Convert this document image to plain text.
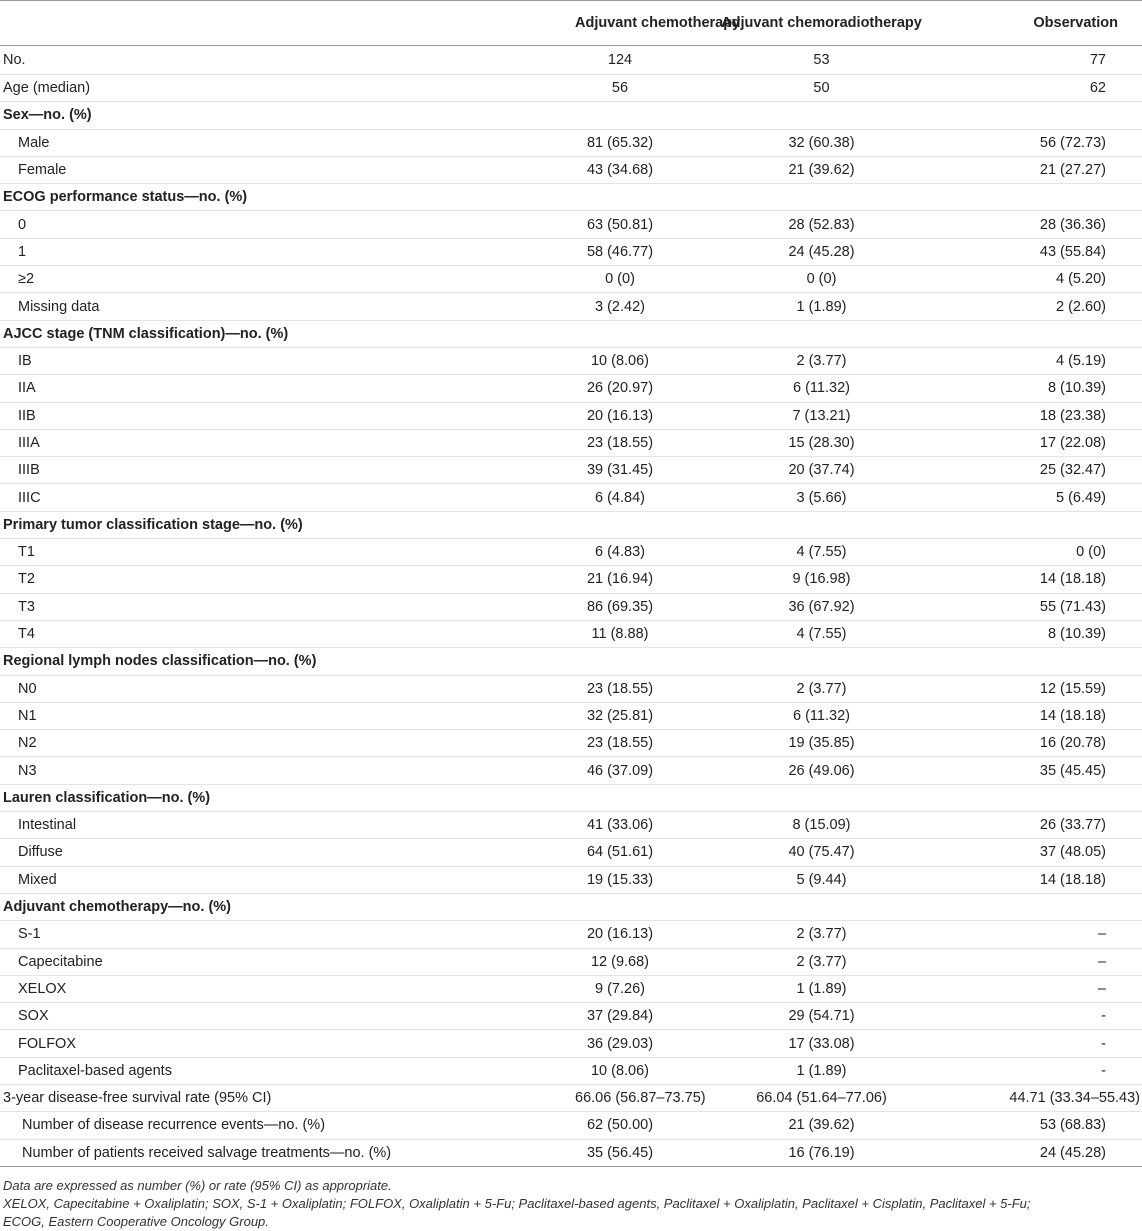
	Adjuvant chemotherapy	Adjuvant chemoradiotherapy	Observation
No.	124	53	77
Age (median)	56	50	62
Sex—no. (%)			
Male	81 (65.32)	32 (60.38)	56 (72.73)
Female	43 (34.68)	21 (39.62)	21 (27.27)
ECOG performance status—no. (%)			
0	63 (50.81)	28 (52.83)	28 (36.36)
1	58 (46.77)	24 (45.28)	43 (55.84)
≥2	0 (0)	0 (0)	4 (5.20)
Missing data	3 (2.42)	1 (1.89)	2 (2.60)
AJCC stage (TNM classification)—no. (%)			
IB	10 (8.06)	2 (3.77)	4 (5.19)
IIA	26 (20.97)	6 (11.32)	8 (10.39)
IIB	20 (16.13)	7 (13.21)	18 (23.38)
IIIA	23 (18.55)	15 (28.30)	17 (22.08)
IIIB	39 (31.45)	20 (37.74)	25 (32.47)
IIIC	6 (4.84)	3 (5.66)	5 (6.49)
Primary tumor classification stage—no. (%)			
T1	6 (4.83)	4 (7.55)	0 (0)
T2	21 (16.94)	9 (16.98)	14 (18.18)
T3	86 (69.35)	36 (67.92)	55 (71.43)
T4	11 (8.88)	4 (7.55)	8 (10.39)
Regional lymph nodes classification—no. (%)			
N0	23 (18.55)	2 (3.77)	12 (15.59)
N1	32 (25.81)	6 (11.32)	14 (18.18)
N2	23 (18.55)	19 (35.85)	16 (20.78)
N3	46 (37.09)	26 (49.06)	35 (45.45)
Lauren classification—no. (%)			
Intestinal	41 (33.06)	8 (15.09)	26 (33.77)
Diffuse	64 (51.61)	40 (75.47)	37 (48.05)
Mixed	19 (15.33)	5 (9.44)	14 (18.18)
Adjuvant chemotherapy—no. (%)			
S-1	20 (16.13)	2 (3.77)	–
Capecitabine	12 (9.68)	2 (3.77)	–
XELOX	9 (7.26)	1 (1.89)	–
SOX	37 (29.84)	29 (54.71)	-
FOLFOX	36 (29.03)	17 (33.08)	-
Paclitaxel-based agents	10 (8.06)	1 (1.89)	-
3-year disease-free survival rate (95% CI)	66.06 (56.87–73.75)	66.04 (51.64–77.06)	44.71 (33.34–55.43)
Number of disease recurrence events—no. (%)	62 (50.00)	21 (39.62)	53 (68.83)
Number of patients received salvage treatments—no. (%)	35 (56.45)	16 (76.19)	24 (45.28)

Data are expressed as number (%) or rate (95% CI) as appropriate.

XELOX, Capecitabine + Oxaliplatin; SOX, S-1 + Oxaliplatin; FOLFOX, Oxaliplatin + 5-Fu; Paclitaxel-based agents, Paclitaxel + Oxaliplatin, Paclitaxel + Cisplatin, Paclitaxel + 5-Fu;

ECOG, Eastern Cooperative Oncology Group.
